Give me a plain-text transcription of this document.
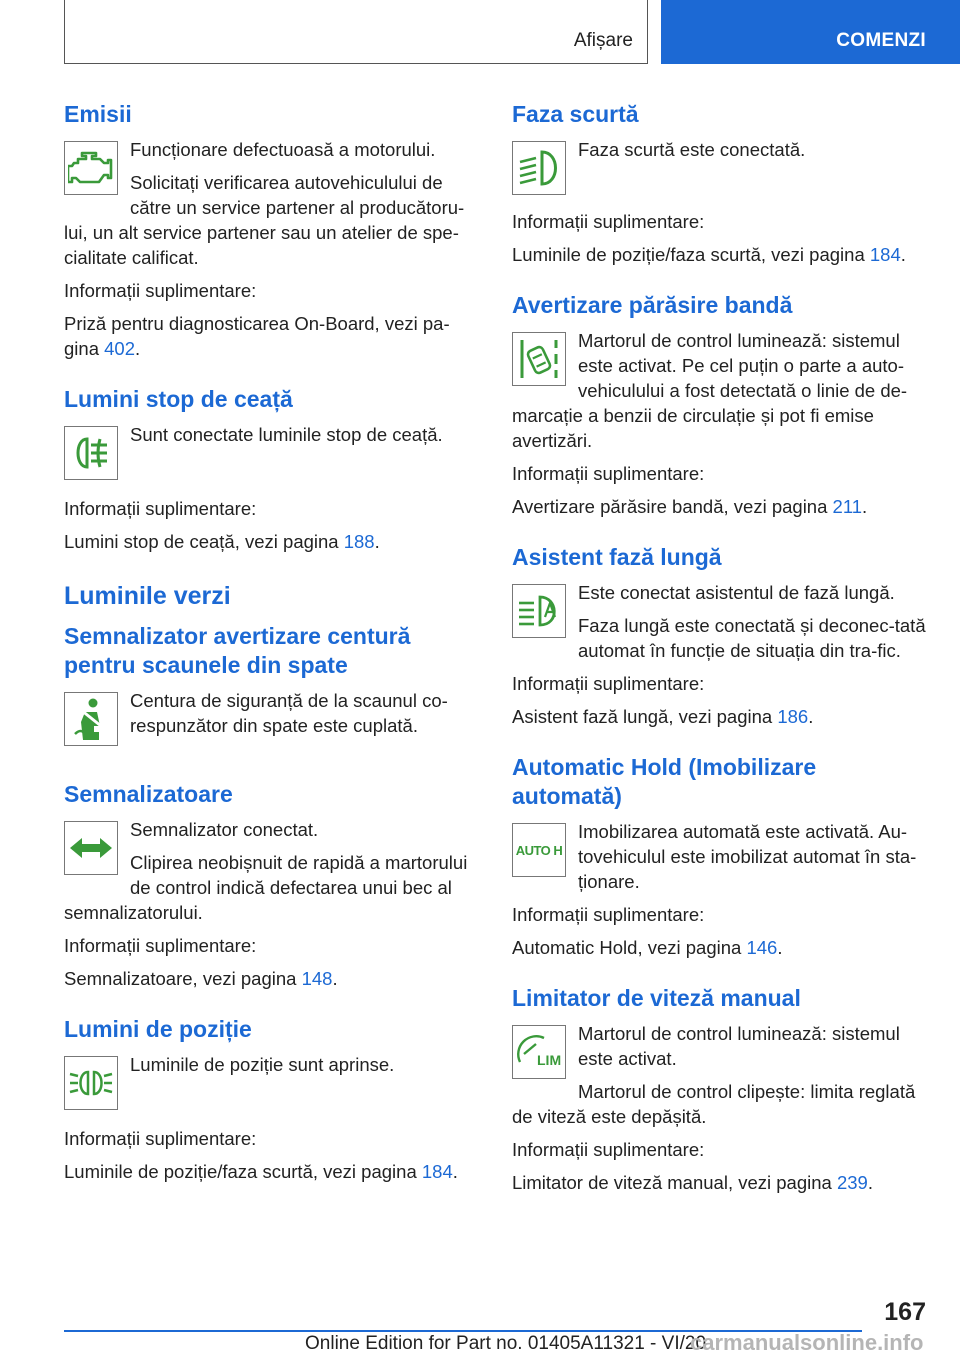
Afișare	COMENZI
Emisii

Funcționare defectuoasă a motorului.

Solicitați verificarea autovehiculului de către un service partener al producătoru‐lui, un alt service partener sau un atelier de spe‐cialitate calificat.

Informații suplimentare:

Priză pentru diagnosticarea On-Board, vezi pa‐gina 402.

Lumini stop de ceață

Sunt conectate luminile stop de ceață.

Informații suplimentare:

Lumini stop de ceață, vezi pagina 188.

Luminile verzi
Semnalizator avertizare centură pentru scaunele din spate

Centura de siguranță de la scaunul co‐respunzător din spate este cuplată.

Semnalizatoare

Semnalizator conectat.

Clipirea neobișnuit de rapidă a martorului de control indică defectarea unui bec al semnalizatorului.

Informații suplimentare:

Semnalizatoare, vezi pagina 148.

Lumini de poziție

Luminile de poziție sunt aprinse.

Informații suplimentare:

Luminile de poziție/faza scurtă, vezi pagina 184.

Faza scurtă

Faza scurtă este conectată.

Informații suplimentare:

Luminile de poziție/faza scurtă, vezi pagina 184.

Avertizare părăsire bandă

Martorul de control luminează: sistemul este activat. Pe cel puțin o parte a auto‐vehiculului a fost detectată o linie de de‐marcație a benzii de circulație și pot fi emise avertizări.

Informații suplimentare:

Avertizare părăsire bandă, vezi pagina 211.

Asistent fază lungă

Este conectat asistentul de fază lungă.

Faza lungă este conectată și deconec‐tată automat în funcție de situația din tra‐fic.

Informații suplimentare:

Asistent fază lungă, vezi pagina 186.

Automatic Hold (Imobilizare automată)
AUTO H

Imobilizarea automată este activată. Au‐tovehiculul este imobilizat automat în sta‐ționare.

Informații suplimentare:

Automatic Hold, vezi pagina 146.

Limitator de viteză manual
LIM

Martorul de control luminează: sistemul este activat.

Martorul de control clipește: limita reglată de viteză este depășită.

Informații suplimentare:

Limitator de viteză manual, vezi pagina 239.

167
Online Edition for Part no. 01405A11321 - VI/20
carmanualsonline.info
